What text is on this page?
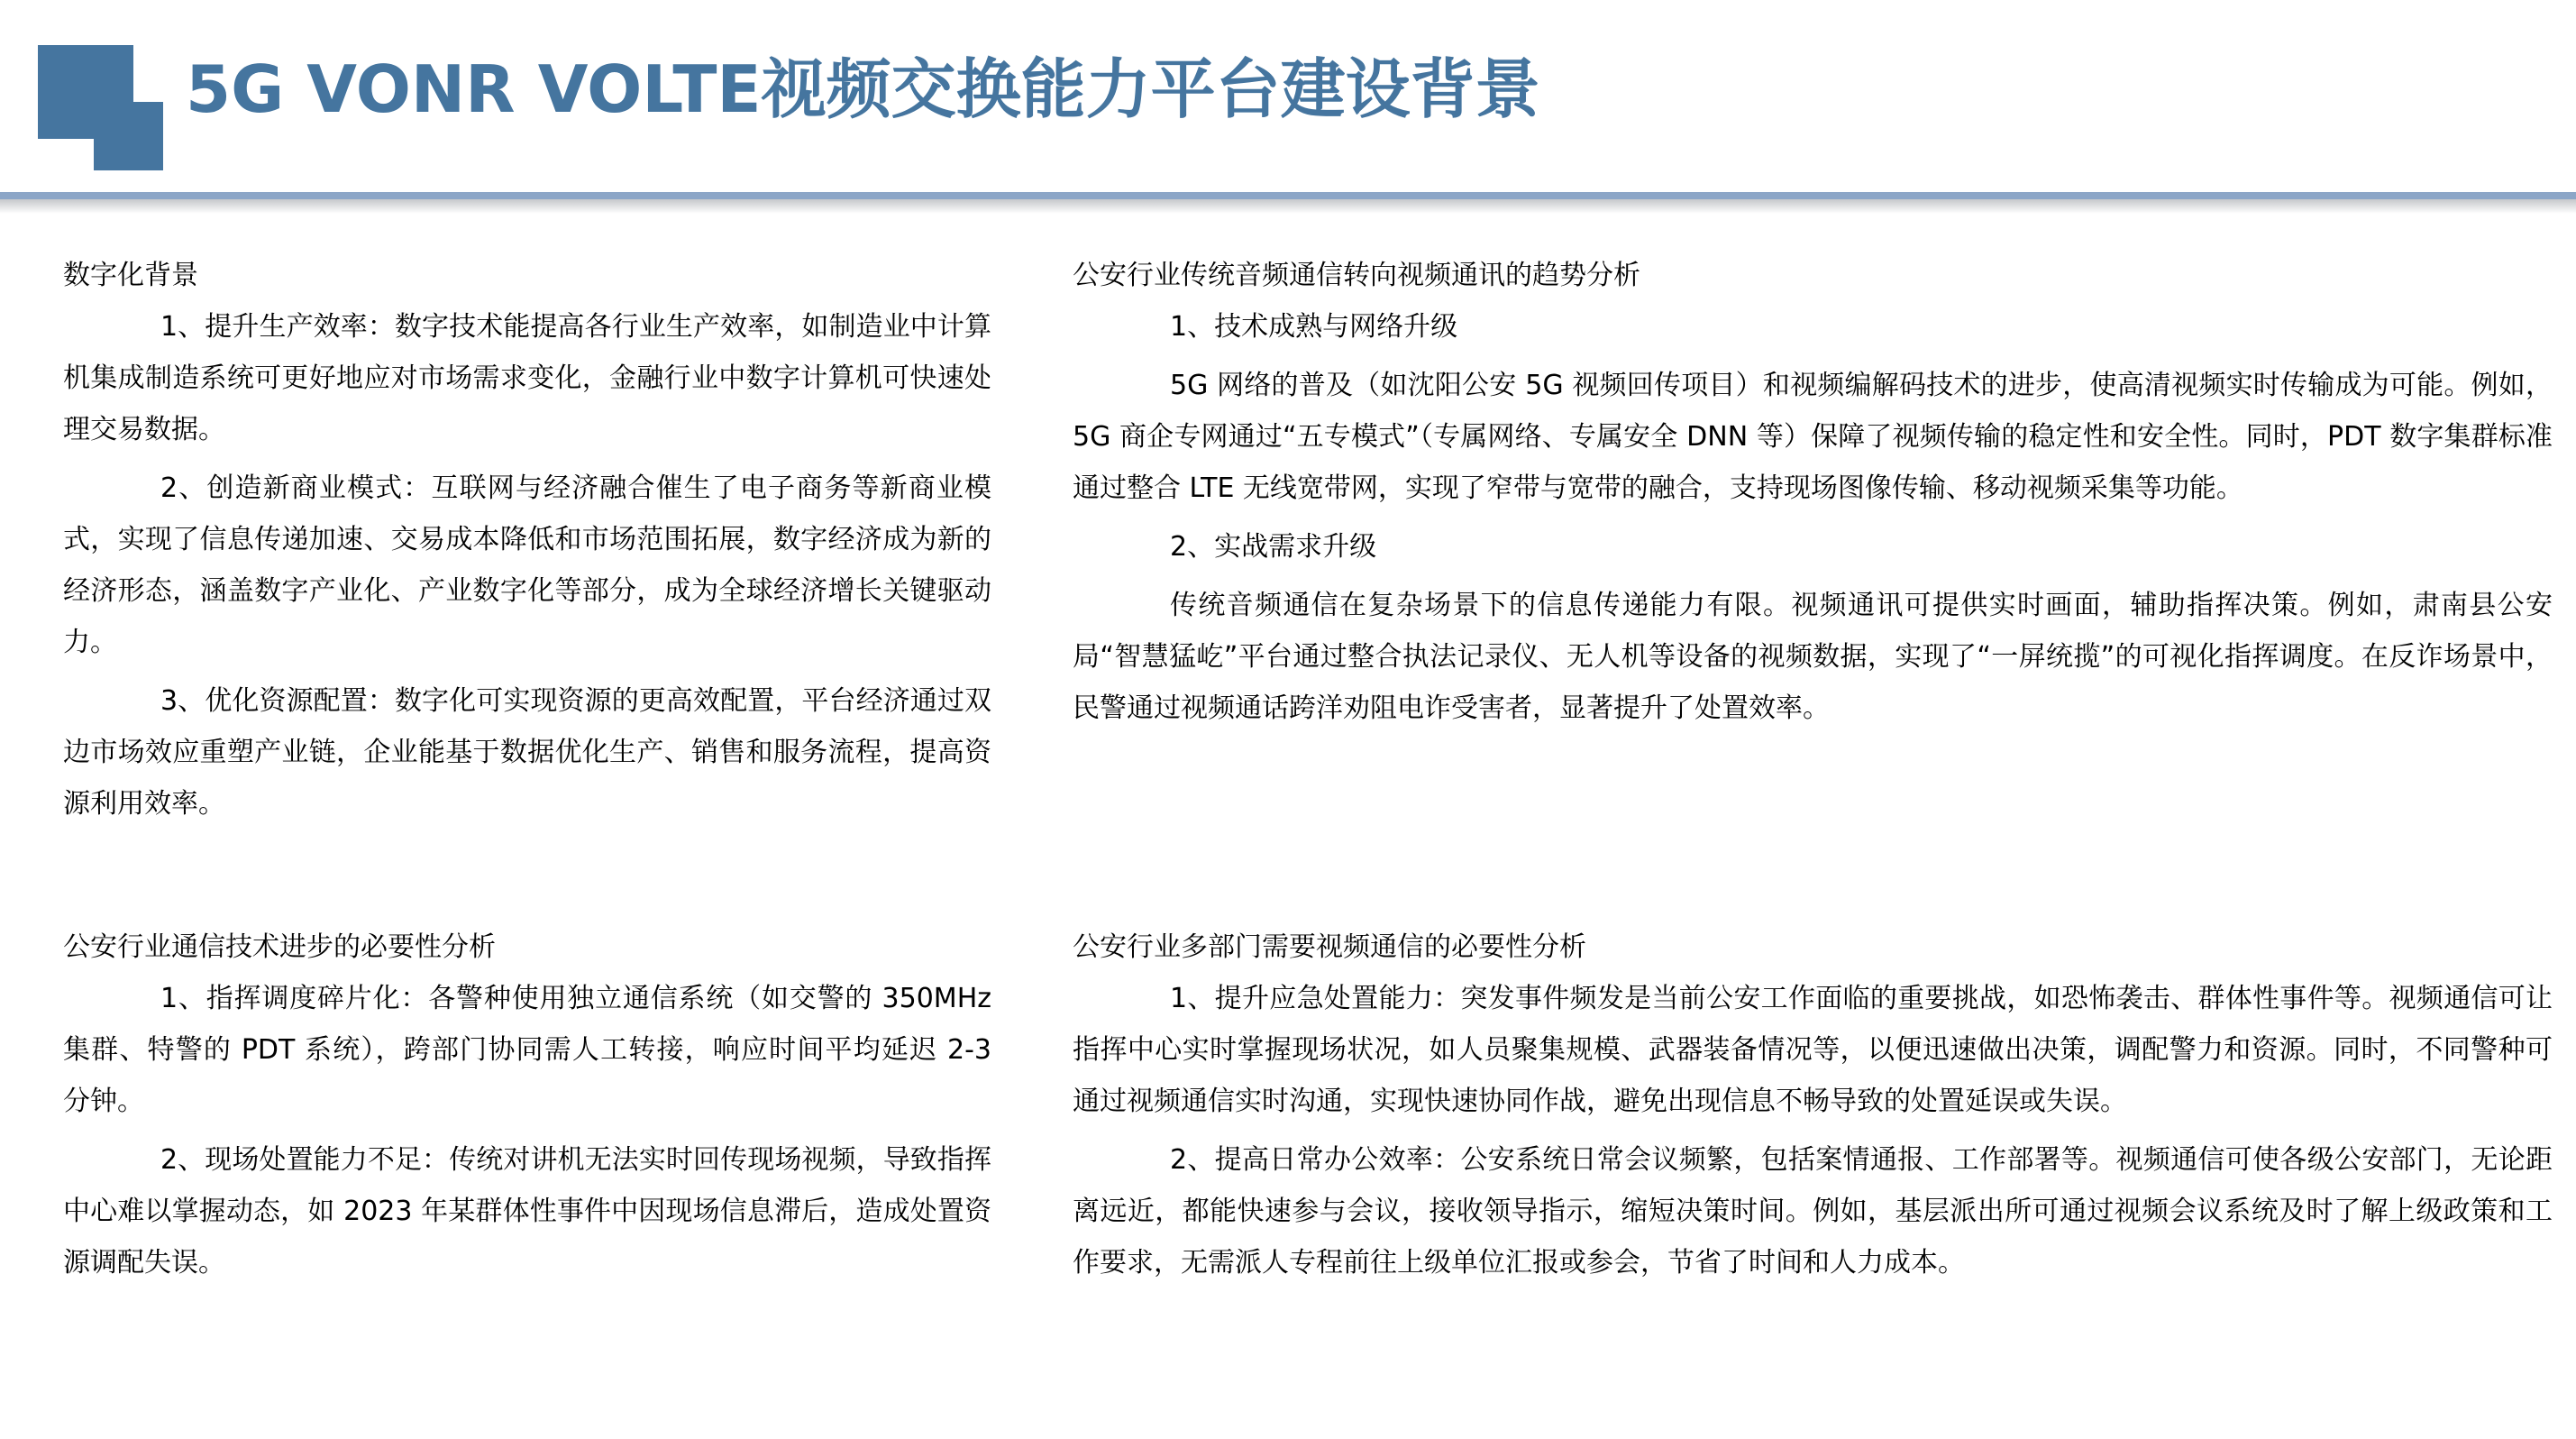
5G VONR VOLTE视频交换能力平台建设背景
数字化背景

1、提升生产效率：数字技术能提高各行业生产效率，如制造业中计算机集成制造系统可更好地应对市场需求变化，金融行业中数字计算机可快速处理交易数据。

2、创造新商业模式：互联网与经济融合催生了电子商务等新商业模式，实现了信息传递加速、交易成本降低和市场范围拓展，数字经济成为新的经济形态，涵盖数字产业化、产业数字化等部分，成为全球经济增长关键驱动力。

3、优化资源配置：数字化可实现资源的更高效配置，平台经济通过双边市场效应重塑产业链，企业能基于数据优化生产、销售和服务流程，提高资源利用效率。

公安行业通信技术进步的必要性分析

1、指挥调度碎片化：各警种使用独立通信系统（如交警的 350MHz 集群、特警的 PDT 系统），跨部门协同需人工转接，响应时间平均延迟 2-3 分钟。

2、现场处置能力不足：传统对讲机无法实时回传现场视频，导致指挥中心难以掌握动态，如 2023 年某群体性事件中因现场信息滞后，造成处置资源调配失误。

公安行业传统音频通信转向视频通讯的趋势分析

1、技术成熟与网络升级

5G 网络的普及（如沈阳公安 5G 视频回传项目）和视频编解码技术的进步，使高清视频实时传输成为可能。例如，5G 商企专网通过“五专模式”（专属网络、专属安全 DNN 等）保障了视频传输的稳定性和安全性。同时，PDT 数字集群标准通过整合 LTE 无线宽带网，实现了窄带与宽带的融合，支持现场图像传输、移动视频采集等功能。

2、实战需求升级

传统音频通信在复杂场景下的信息传递能力有限。视频通讯可提供实时画面，辅助指挥决策。例如，肃南县公安局“智慧猛屹”平台通过整合执法记录仪、无人机等设备的视频数据，实现了“一屏统揽”的可视化指挥调度。在反诈场景中，民警通过视频通话跨洋劝阻电诈受害者，显著提升了处置效率。

公安行业多部门需要视频通信的必要性分析

1、提升应急处置能力：突发事件频发是当前公安工作面临的重要挑战，如恐怖袭击、群体性事件等。视频通信可让指挥中心实时掌握现场状况，如人员聚集规模、武器装备情况等，以便迅速做出决策，调配警力和资源。同时，不同警种可通过视频通信实时沟通，实现快速协同作战，避免出现信息不畅导致的处置延误或失误。

2、提高日常办公效率：公安系统日常会议频繁，包括案情通报、工作部署等。视频通信可使各级公安部门，无论距离远近，都能快速参与会议，接收领导指示，缩短决策时间。例如，基层派出所可通过视频会议系统及时了解上级政策和工作要求，无需派人专程前往上级单位汇报或参会，节省了时间和人力成本。
